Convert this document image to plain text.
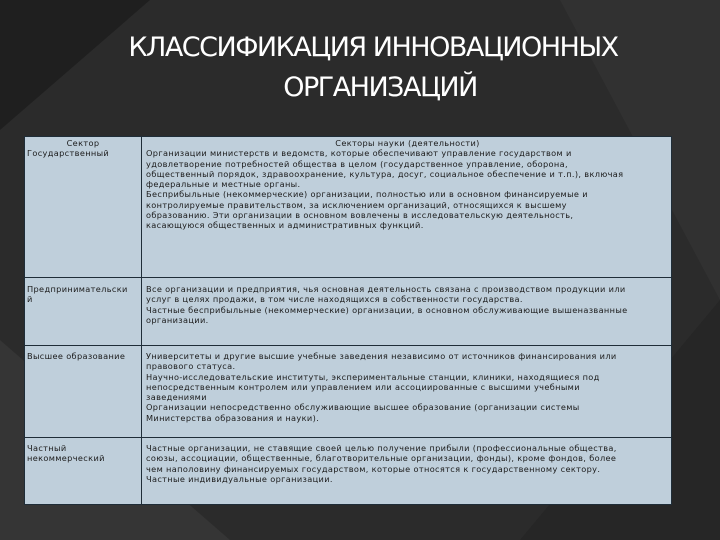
КЛАССИФИКАЦИЯ ИННОВАЦИОННЫХ
ОРГАНИЗАЦИЙ
Сектор
Государственный
Секторы науки (деятельности)
Организации министерств и ведомств, которые обеспечивают управление государством и
удовлетворение потребностей общества в целом (государственное управление, оборона,
общественный порядок, здравоохранение, культура, досуг, социальное обеспечение и т.п.), включая
федеральные и местные органы.
Бесприбыльные (некоммерческие) организации, полностью или в основном финансируемые и
контролируемые правительством, за исключением организаций, относящихся к высшему
образованию. Эти организации в основном вовлечены в исследовательскую деятельность,
касающуюся общественных и административных функций.
Предпринимательски
й
Все организации и предприятия, чья основная деятельность связана с производством продукции или
услуг в целях продажи, в том числе находящихся в собственности государства.
Частные бесприбыльные (некоммерческие) организации, в основном обслуживающие вышеназванные
организации.
Высшее образование	Университеты и другие высшие учебные заведения независимо от источников финансирования или
правового статуса.
Научно-исследовательские институты, экспериментальные станции, клиники, находящиеся под
непосредственным контролем или управлением или ассоциированные с высшими учебными
заведениями
Организации непосредственно обслуживающие высшее образование (организации системы
Министерства образования и науки).
Частный
некоммерческий
Частные организации, не ставящие своей целью получение прибыли (профессиональные общества,
союзы, ассоциации, общественные, благотворительные организации, фонды), кроме фондов, более
чем наполовину финансируемых государством, которые относятся к государственному сектору.
Частные индивидуальные организации.
